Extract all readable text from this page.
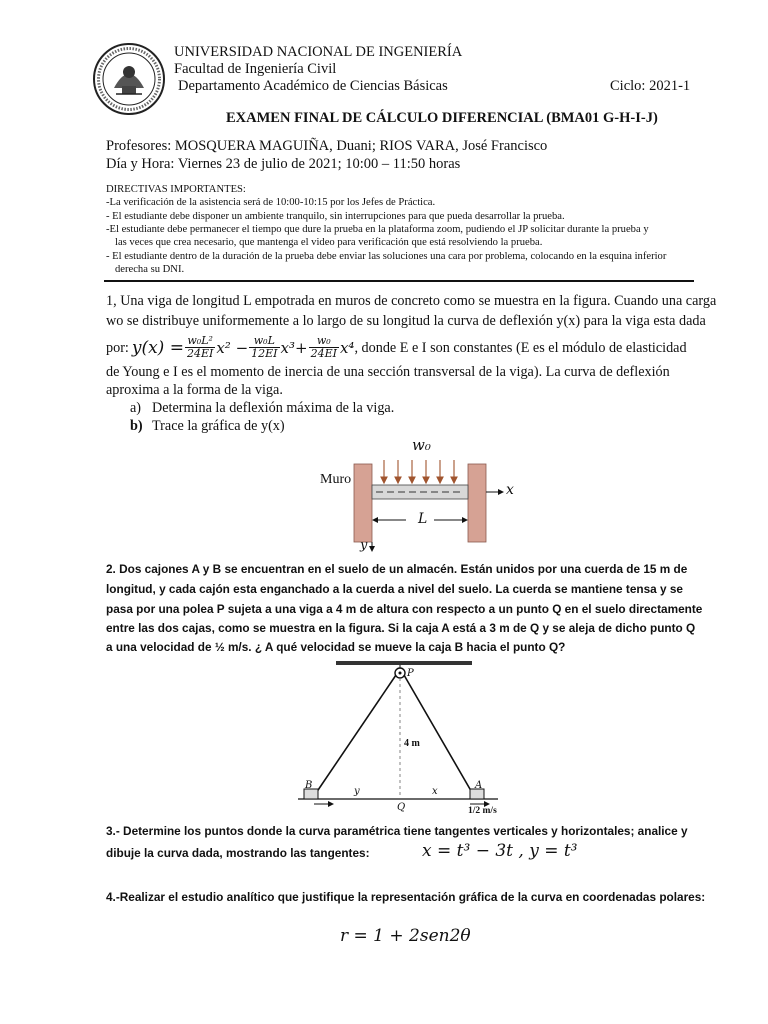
UNIVERSIDAD NACIONAL DE INGENIERÍA
Facultad de Ingeniería Civil
Departamento Académico de Ciencias Básicas	Ciclo: 2021-1
EXAMEN FINAL DE CÁLCULO DIFERENCIAL (BMA01 G-H-I-J)
Profesores: MOSQUERA MAGUIÑA, Duani; RIOS VARA, José Francisco
Día y Hora: Viernes 23 de julio de 2021; 10:00 – 11:50 horas
DIRECTIVAS IMPORTANTES:
-La verificación de la asistencia será de 10:00-10:15 por los Jefes de Práctica.
- El estudiante debe disponer un ambiente tranquilo, sin interrupciones para que pueda desarrollar la prueba.
-El estudiante debe permanecer el tiempo que dure la prueba en la plataforma zoom, pudiendo el JP solicitar durante la prueba y
las veces que crea necesario, que mantenga el video para verificación que está resolviendo la prueba.
- El estudiante dentro de la duración de la prueba debe enviar las soluciones una cara por problema, colocando en la esquina inferior
derecha su DNI.
1, Una viga de longitud L empotrada en muros de concreto como se muestra en la figura. Cuando una carga
wo se distribuye uniformemente a lo largo de su longitud la curva de deflexión y(x) para la viga esta dada
por: $y(x) = \frac{\text{w₀L²}}{24EI} x^2 - \frac{\text{w₀L}}{12EI} x^3+ \frac{\text{w₀}}{24EI} x^4$ , donde E e I son constantes (E es el módulo de elasticidad
de Young e I es el momento de inercia de una sección transversal de la viga). La curva de deflexión
aproxima a la forma de la viga.
a) Determina la deflexión máxima de la viga.
b) Trace la gráfica de y(x)
w₀
Muro
x
L
y
2. Dos cajones A y B se encuentran en el suelo de un almacén. Están unidos por una cuerda de 15 m de
longitud, y cada cajón esta enganchado a la cuerda a nivel del suelo. La cuerda se mantiene tensa y se
pasa por una polea P sujeta a una viga a 4 m de altura con respecto a un punto Q en el suelo directamente
entre las dos cajas, como se muestra en la figura. Si la caja A está a 3 m de Q y se aleja de dicho punto Q
a una velocidad de ½ m/s. ¿ A qué velocidad se mueve la caja B hacia el punto Q?
P
4 m
B	A
y	x
Q	1/2 m/s
3.- Determine los puntos donde la curva paramétrica tiene tangentes verticales y horizontales; analice y
dibuje la curva dada, mostrando las tangentes:	x = t³ − 3t , y = t³
4.-Realizar el estudio analítico que justifique la representación gráfica de la curva en coordenadas polares:
r = 1 + 2sen2θ
